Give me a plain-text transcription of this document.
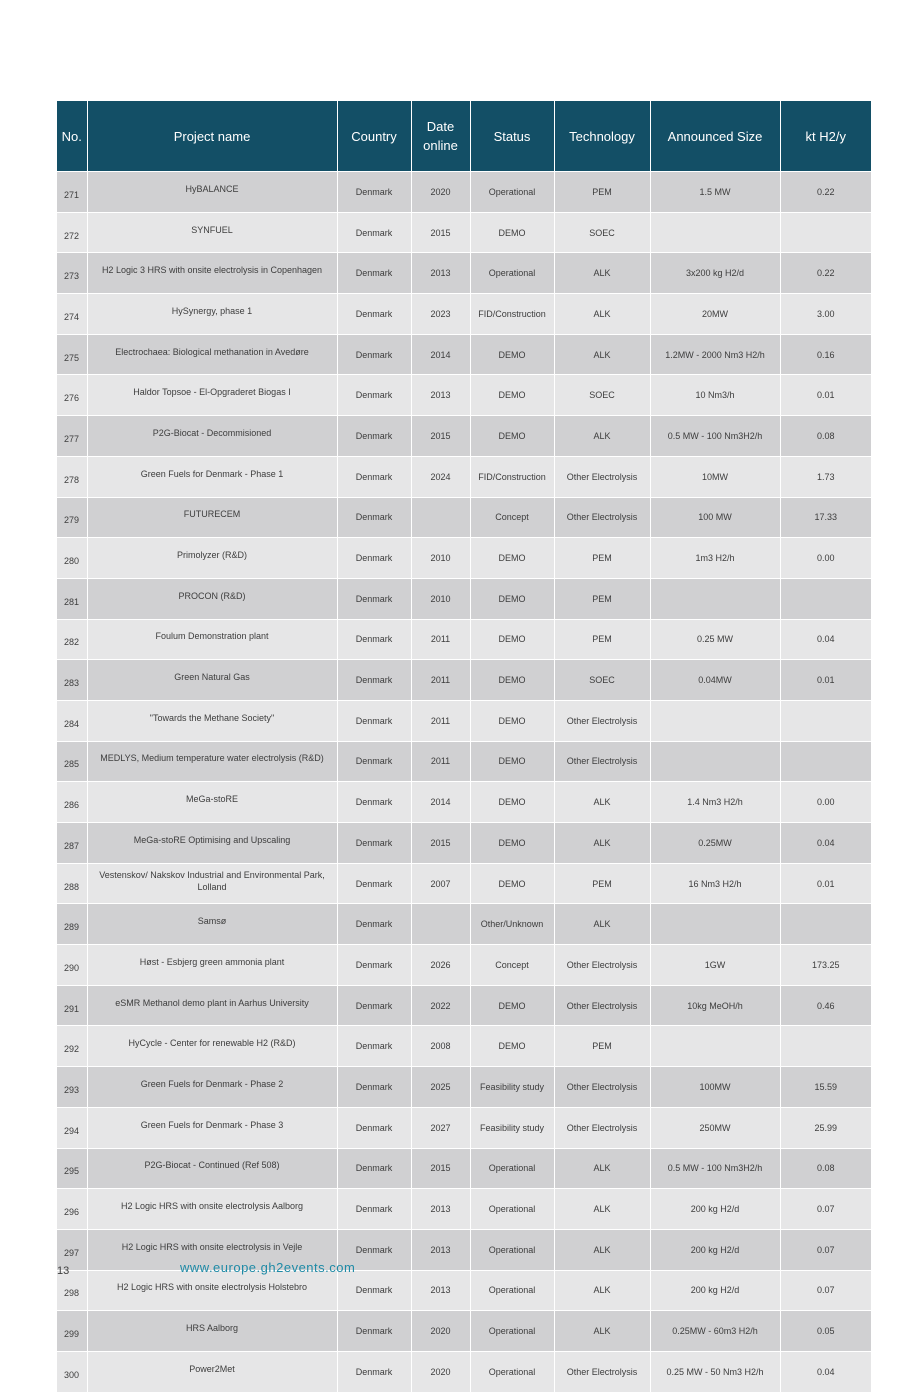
No.	Project name	Country	Date online	Status	Technology	Announced Size	kt H2/y
271	HyBALANCE	Denmark	2020	Operational	PEM	1.5 MW	0.22
272	SYNFUEL	Denmark	2015	DEMO	SOEC		
273	H2 Logic 3 HRS with onsite electrolysis in Copenhagen	Denmark	2013	Operational	ALK	3x200 kg H2/d	0.22
274	HySynergy, phase 1	Denmark	2023	FID/Construction	ALK	20MW	3.00
275	Electrochaea: Biological methanation in Avedøre	Denmark	2014	DEMO	ALK	1.2MW - 2000 Nm3 H2/h	0.16
276	Haldor Topsoe - El-Opgraderet Biogas I	Denmark	2013	DEMO	SOEC	10 Nm3/h	0.01
277	P2G-Biocat - Decommisioned	Denmark	2015	DEMO	ALK	0.5 MW - 100 Nm3H2/h	0.08
278	Green Fuels for Denmark - Phase 1	Denmark	2024	FID/Construction	Other Electrolysis	10MW	1.73
279	FUTURECEM	Denmark		Concept	Other Electrolysis	100 MW	17.33
280	Primolyzer (R&D)	Denmark	2010	DEMO	PEM	1m3 H2/h	0.00
281	PROCON (R&D)	Denmark	2010	DEMO	PEM		
282	Foulum Demonstration plant	Denmark	2011	DEMO	PEM	0.25 MW	0.04
283	Green Natural Gas	Denmark	2011	DEMO	SOEC	0.04MW	0.01
284	"Towards the Methane Society"	Denmark	2011	DEMO	Other Electrolysis		
285	MEDLYS, Medium temperature water electrolysis (R&D)	Denmark	2011	DEMO	Other Electrolysis		
286	MeGa-stoRE	Denmark	2014	DEMO	ALK	1.4 Nm3 H2/h	0.00
287	MeGa-stoRE Optimising and Upscaling	Denmark	2015	DEMO	ALK	0.25MW	0.04
288	Vestenskov/ Nakskov Industrial and Environmental Park, Lolland	Denmark	2007	DEMO	PEM	16 Nm3 H2/h	0.01
289	Samsø	Denmark		Other/Unknown	ALK		
290	Høst - Esbjerg green ammonia plant	Denmark	2026	Concept	Other Electrolysis	1GW	173.25
291	eSMR Methanol demo plant in Aarhus University	Denmark	2022	DEMO	Other Electrolysis	10kg MeOH/h	0.46
292	HyCycle - Center for renewable H2 (R&D)	Denmark	2008	DEMO	PEM		
293	Green Fuels for Denmark - Phase 2	Denmark	2025	Feasibility study	Other Electrolysis	100MW	15.59
294	Green Fuels for Denmark - Phase 3	Denmark	2027	Feasibility study	Other Electrolysis	250MW	25.99
295	P2G-Biocat - Continued (Ref 508)	Denmark	2015	Operational	ALK	0.5 MW - 100 Nm3H2/h	0.08
296	H2 Logic HRS with onsite electrolysis Aalborg	Denmark	2013	Operational	ALK	200 kg H2/d	0.07
297	H2 Logic HRS with onsite electrolysis in Vejle	Denmark	2013	Operational	ALK	200 kg H2/d	0.07
298	H2 Logic HRS with onsite electrolysis Holstebro	Denmark	2013	Operational	ALK	200 kg H2/d	0.07
299	HRS Aalborg	Denmark	2020	Operational	ALK	0.25MW - 60m3 H2/h	0.05
300	Power2Met	Denmark	2020	Operational	Other Electrolysis	0.25 MW - 50 Nm3 H2/h	0.04
13	www.europe.gh2events.com
